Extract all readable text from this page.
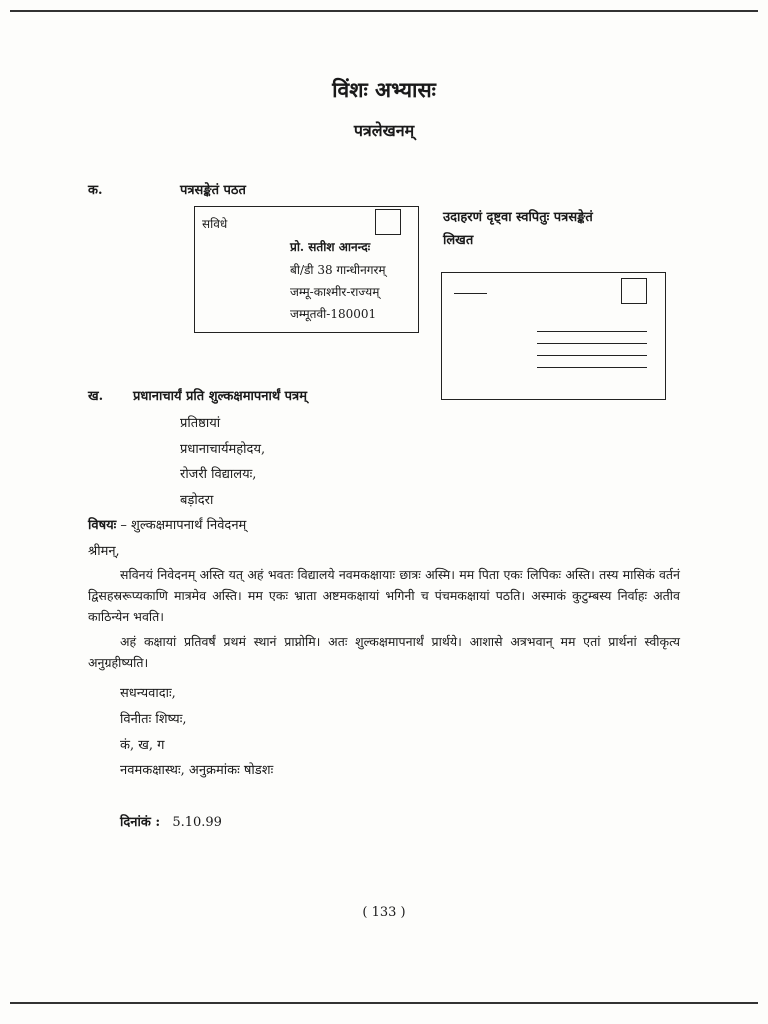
विंशः अभ्यासः
पत्रलेखनम्
क.	पत्रसङ्केतं पठत
सविधे
प्रो. सतीश आनन्दः
बी/डी 38 गान्धीनगरम्
जम्मू-काश्मीर-राज्यम्
जम्मूतवी-180001
उदाहरणं दृष्ट्वा स्वपितुः पत्रसङ्केतं
लिखत
ख. प्रधानाचार्यं प्रति शुल्कक्षमापनार्थं पत्रम्
प्रतिष्ठायां
प्रधानाचार्यमहोदय,
रोजरी विद्यालयः,
बड़ोदरा
विषयः – शुल्कक्षमापनार्थं निवेदनम्
श्रीमन्,
सविनयं निवेदनम् अस्ति यत् अहं भवतः विद्यालये नवमकक्षायाः छात्रः अस्मि। मम पिता एकः लिपिकः अस्ति। तस्य मासिकं वर्तनं द्विसहस्ररूप्यकाणि मात्रमेव अस्ति। मम एकः भ्राता अष्टमकक्षायां भगिनी च पंचमकक्षायां पठति। अस्माकं कुटुम्बस्य निर्वाहः अतीव काठिन्येन भवति।
अहं कक्षायां प्रतिवर्षं प्रथमं स्थानं प्राप्नोमि। अतः शुल्कक्षमापनार्थं प्रार्थये। आशासे अत्रभवान् मम एतां प्रार्थनां स्वीकृत्य अनुग्रहीष्यति।
सधन्यवादाः,
विनीतः शिष्यः,
कं, ख, ग
नवमकक्षास्थः, अनुक्रमांकः षोडशः
दिनांकं : 5.10.99
( 133 )
